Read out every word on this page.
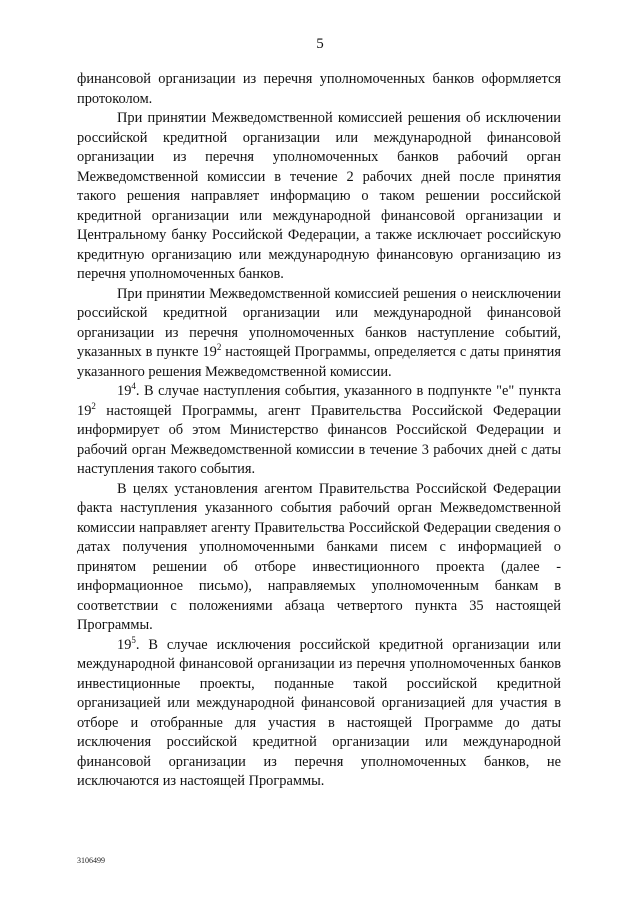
5

финансовой организации из перечня уполномоченных банков оформляется протоколом.

При принятии Межведомственной комиссией решения об исключении российской кредитной организации или международной финансовой организации из перечня уполномоченных банков рабочий орган Межведомственной комиссии в течение 2 рабочих дней после принятия такого решения направляет информацию о таком решении российской кредитной организации или международной финансовой организации и Центральному банку Российской Федерации, а также исключает российскую кредитную организацию или международную финансовую организацию из перечня уполномоченных банков.

При принятии Межведомственной комиссией решения о неисключении российской кредитной организации или международной финансовой организации из перечня уполномоченных банков наступление событий, указанных в пункте $19^2$ настоящей Программы, определяется с даты принятия указанного решения Межведомственной комиссии.

$19^4$. В случае наступления события, указанного в подпункте "е" пункта $19^2$ настоящей Программы, агент Правительства Российской Федерации информирует об этом Министерство финансов Российской Федерации и рабочий орган Межведомственной комиссии в течение 3 рабочих дней с даты наступления такого события.

В целях установления агентом Правительства Российской Федерации факта наступления указанного события рабочий орган Межведомственной комиссии направляет агенту Правительства Российской Федерации сведения о датах получения уполномоченными банками писем с информацией о принятом решении об отборе инвестиционного проекта (далее - информационное письмо), направляемых уполномоченным банкам в соответствии с положениями абзаца четвертого пункта 35 настоящей Программы.

$19^5$. В случае исключения российской кредитной организации или международной финансовой организации из перечня уполномоченных банков инвестиционные проекты, поданные такой российской кредитной организацией или международной финансовой организацией для участия в отборе и отобранные для участия в настоящей Программе до даты исключения российской кредитной организации или международной финансовой организации из перечня уполномоченных банков, не исключаются из настоящей Программы.

3106499
